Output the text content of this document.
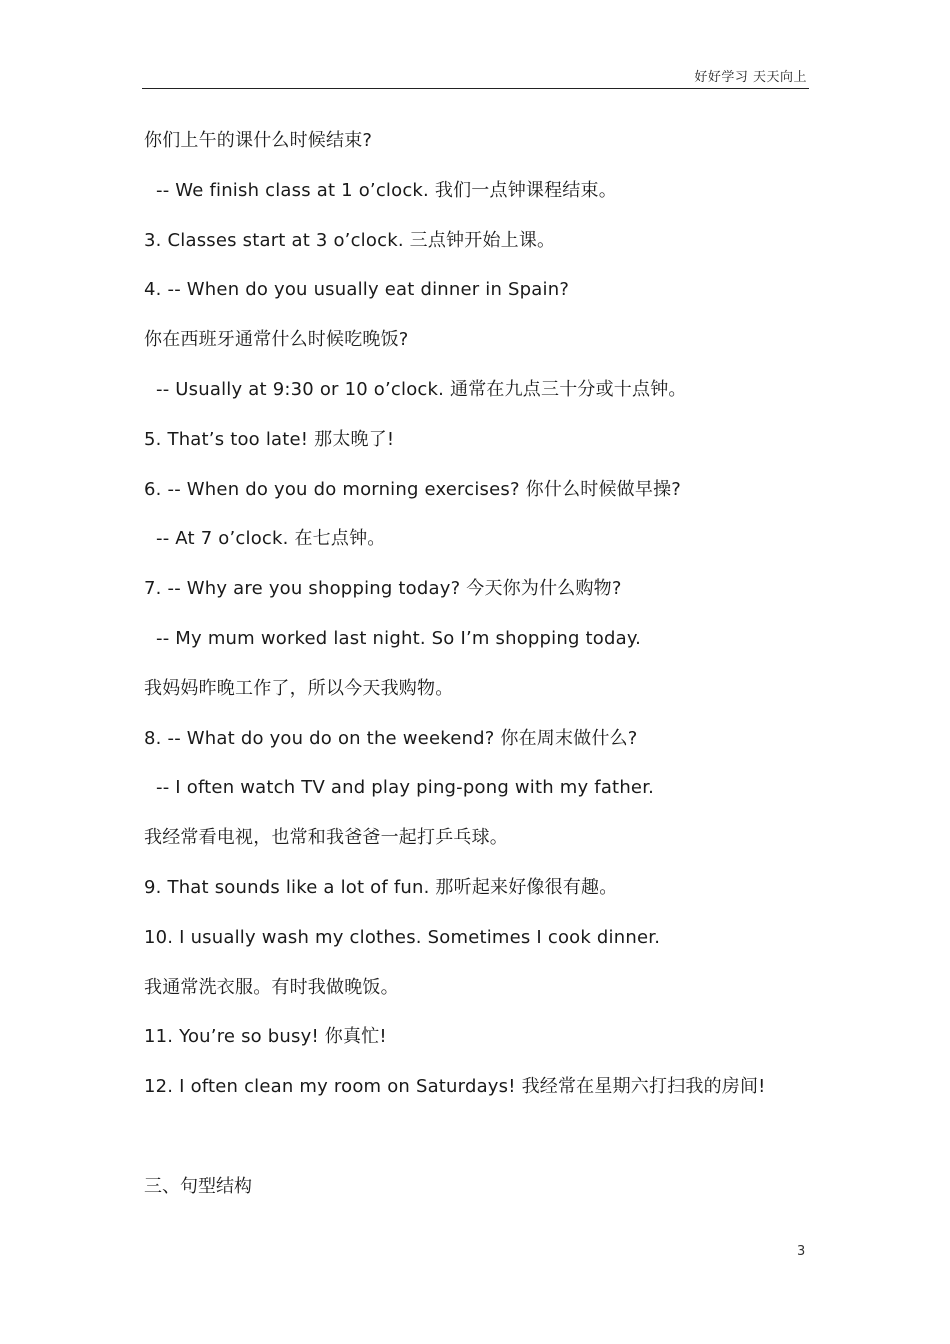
好好学习 天天向上
你们上午的课什么时候结束?
-- We finish class at 1 o’clock. 我们一点钟课程结束。
3. Classes start at 3 o’clock. 三点钟开始上课。
4. -- When do you usually eat dinner in Spain?
你在西班牙通常什么时候吃晚饭?
-- Usually at 9:30 or 10 o’clock. 通常在九点三十分或十点钟。
5. That’s too late! 那太晚了!
6. -- When do you do morning exercises? 你什么时候做早操?
-- At 7 o’clock. 在七点钟。
7. -- Why are you shopping today? 今天你为什么购物?
-- My mum worked last night. So I’m shopping today.
我妈妈昨晚工作了，所以今天我购物。
8. -- What do you do on the weekend? 你在周末做什么?
-- I often watch TV and play ping-pong with my father.
我经常看电视，也常和我爸爸一起打乒乓球。
9. That sounds like a lot of fun. 那听起来好像很有趣。
10. I usually wash my clothes. Sometimes I cook dinner.
我通常洗衣服。有时我做晚饭。
11. You’re so busy! 你真忙!
12. I often clean my room on Saturdays! 我经常在星期六打扫我的房间!
三、句型结构
3
